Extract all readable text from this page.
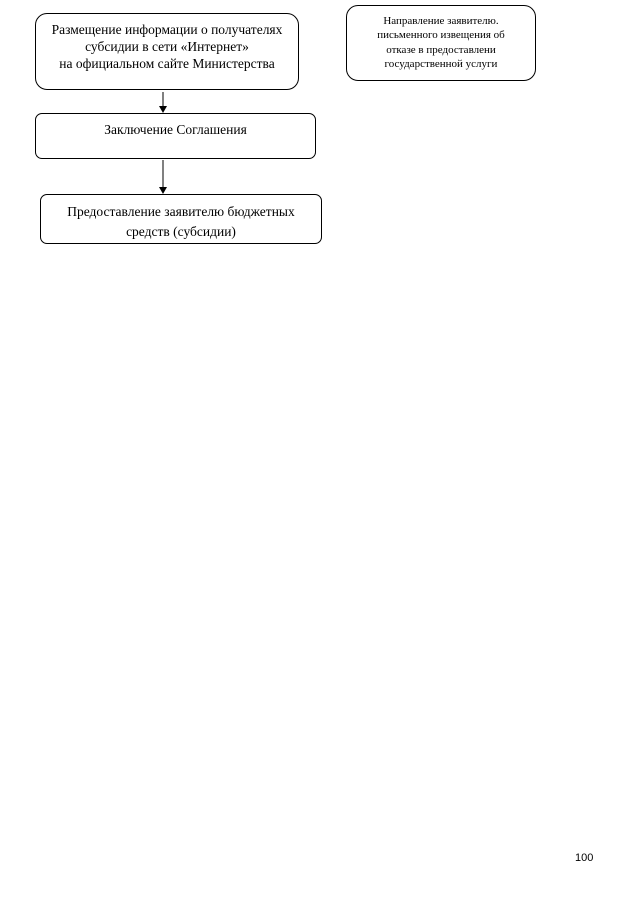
Размещение информации о получателях
субсидии в сети «Интернет»
на официальном сайте Министерства
Заключение Соглашения
Предоставление заявителю бюджетных
средств (субсидии)
Направление заявителю.
письменного извещения об
отказе в предоставлени
государственной услуги
100
